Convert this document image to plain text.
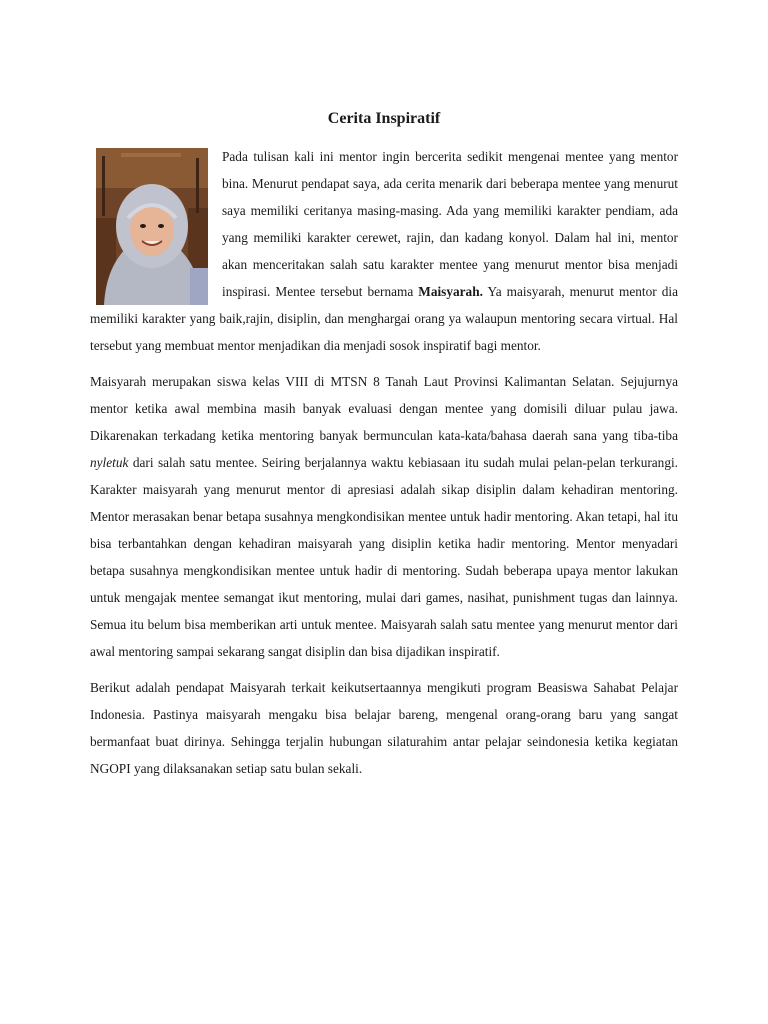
Cerita Inspiratif

Pada tulisan kali ini mentor ingin bercerita sedikit mengenai mentee yang mentor bina. Menurut pendapat saya, ada cerita menarik dari beberapa mentee yang menurut saya memiliki ceritanya masing-masing. Ada yang memiliki karakter pendiam, ada yang memiliki karakter cerewet, rajin, dan kadang konyol. Dalam hal ini, mentor akan menceritakan salah satu karakter mentee yang menurut mentor bisa menjadi inspirasi. Mentee tersebut bernama Maisyarah. Ya maisyarah, menurut mentor dia memiliki karakter yang baik,rajin, disiplin, dan menghargai orang ya walaupun mentoring secara virtual. Hal tersebut yang membuat mentor menjadikan dia menjadi sosok inspiratif bagi mentor.

Maisyarah merupakan siswa kelas VIII di MTSN 8 Tanah Laut Provinsi Kalimantan Selatan. Sejujurnya mentor ketika awal membina masih banyak evaluasi dengan mentee yang domisili diluar pulau jawa. Dikarenakan terkadang ketika mentoring banyak bermunculan kata-kata/bahasa daerah sana yang tiba-tiba nyletuk dari salah satu mentee. Seiring berjalannya waktu kebiasaan itu sudah mulai pelan-pelan terkurangi. Karakter maisyarah yang menurut mentor di apresiasi adalah sikap disiplin dalam kehadiran mentoring. Mentor merasakan benar betapa susahnya mengkondisikan mentee untuk hadir mentoring. Akan tetapi, hal itu bisa terbantahkan dengan kehadiran maisyarah yang disiplin ketika hadir mentoring. Mentor menyadari betapa susahnya mengkondisikan mentee untuk hadir di mentoring. Sudah beberapa upaya mentor lakukan untuk mengajak mentee semangat ikut mentoring, mulai dari games, nasihat, punishment tugas dan lainnya. Semua itu belum bisa memberikan arti untuk mentee. Maisyarah salah satu mentee yang menurut mentor dari awal mentoring sampai sekarang sangat disiplin dan bisa dijadikan inspiratif.

Berikut adalah pendapat Maisyarah terkait keikutsertaannya mengikuti program Beasiswa Sahabat Pelajar Indonesia. Pastinya maisyarah mengaku bisa belajar bareng, mengenal orang-orang baru yang sangat bermanfaat buat dirinya. Sehingga terjalin hubungan silaturahim antar pelajar seindonesia ketika kegiatan NGOPI yang dilaksanakan setiap satu bulan sekali.
